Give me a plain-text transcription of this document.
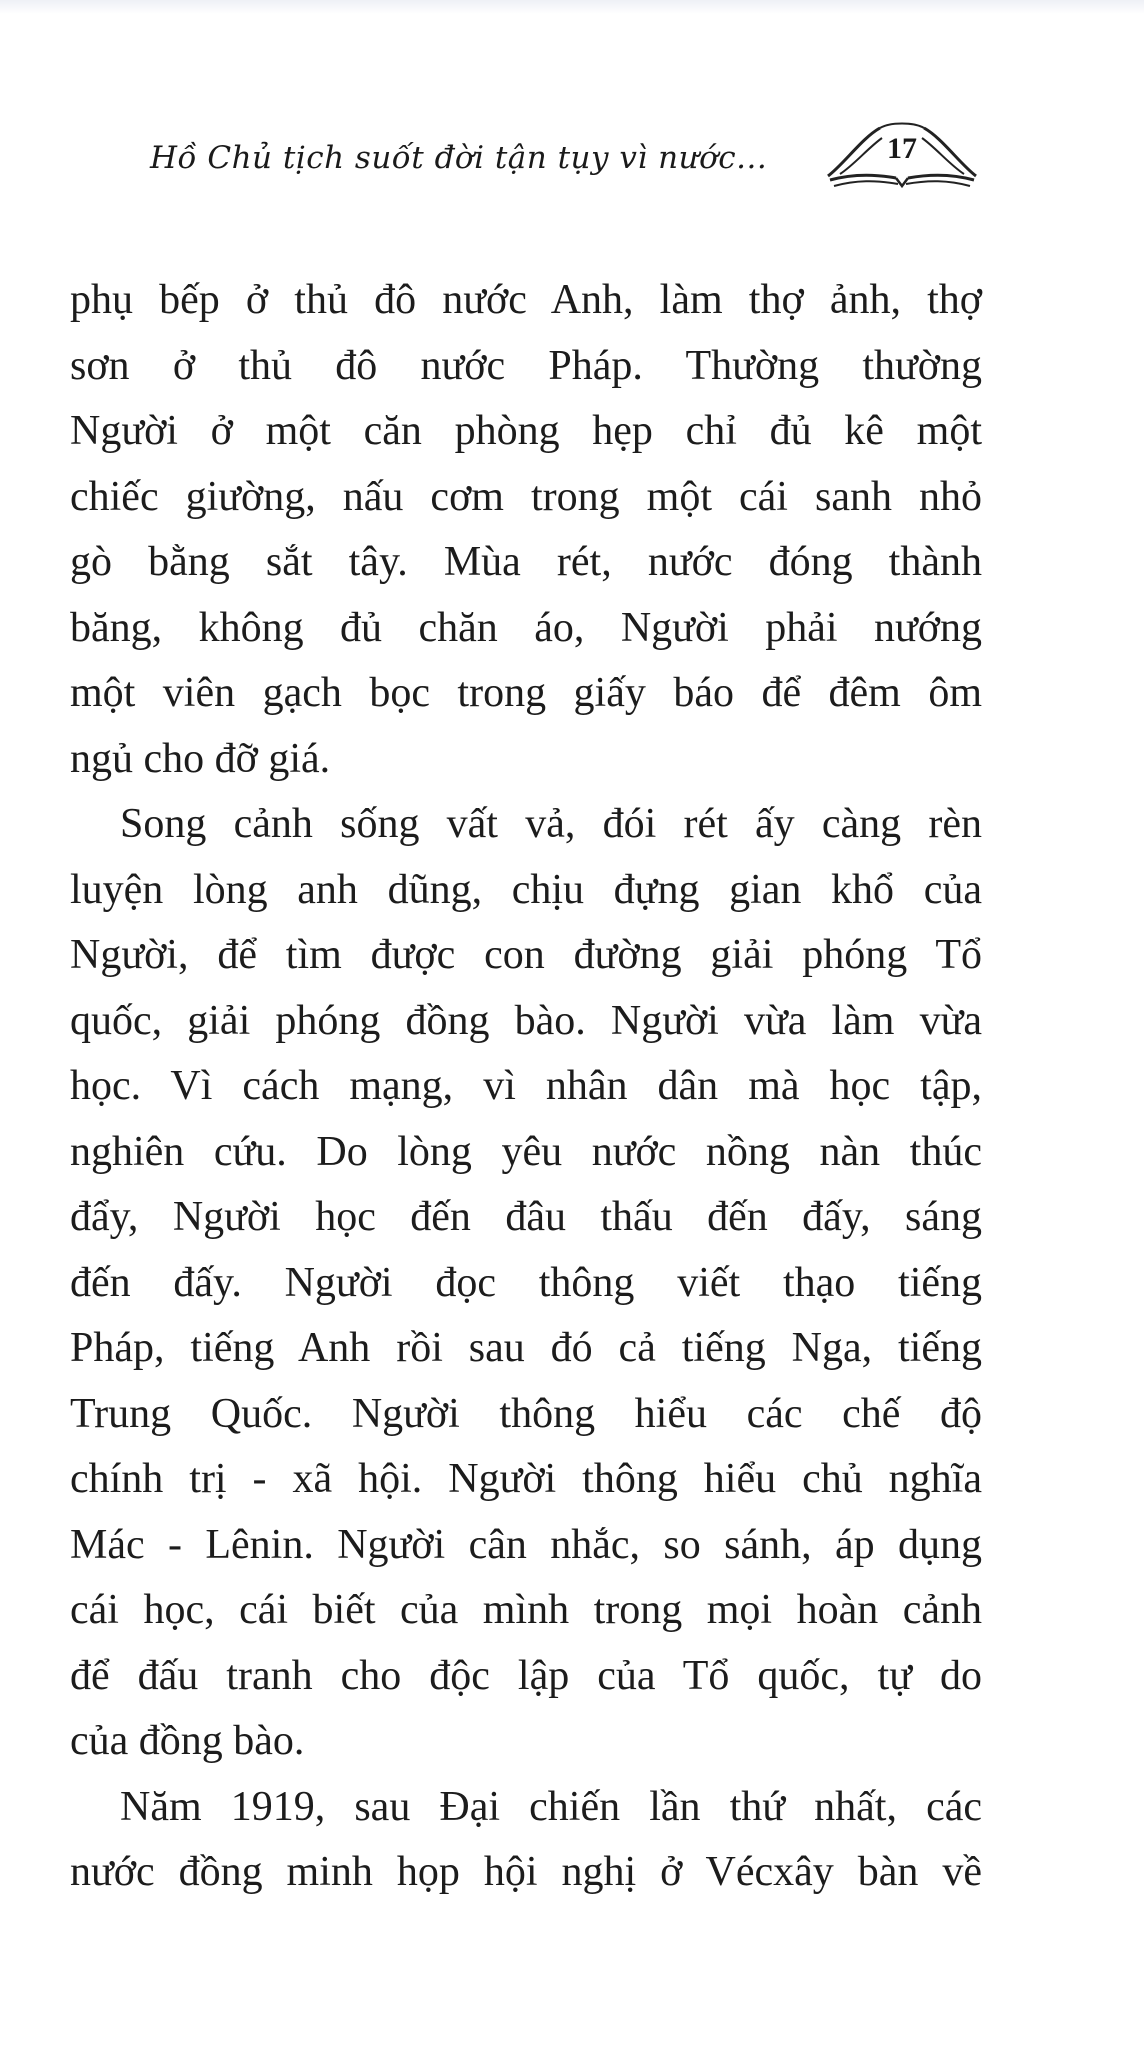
Hồ Chủ tịch suốt đời tận tụy vì nước...	17

phụ bếp ở thủ đô nước Anh, làm thợ ảnh, thợ
sơn ở thủ đô nước Pháp. Thường thường
Người ở một căn phòng hẹp chỉ đủ kê một
chiếc giường, nấu cơm trong một cái sanh nhỏ
gò bằng sắt tây. Mùa rét, nước đóng thành
băng, không đủ chăn áo, Người phải nướng
một viên gạch bọc trong giấy báo để đêm ôm
ngủ cho đỡ giá.

Song cảnh sống vất vả, đói rét ấy càng rèn
luyện lòng anh dũng, chịu đựng gian khổ của
Người, để tìm được con đường giải phóng Tổ
quốc, giải phóng đồng bào. Người vừa làm vừa
học. Vì cách mạng, vì nhân dân mà học tập,
nghiên cứu. Do lòng yêu nước nồng nàn thúc
đẩy, Người học đến đâu thấu đến đấy, sáng
đến đấy. Người đọc thông viết thạo tiếng
Pháp, tiếng Anh rồi sau đó cả tiếng Nga, tiếng
Trung Quốc. Người thông hiểu các chế độ
chính trị - xã hội. Người thông hiểu chủ nghĩa
Mác - Lênin. Người cân nhắc, so sánh, áp dụng
cái học, cái biết của mình trong mọi hoàn cảnh
để đấu tranh cho độc lập của Tổ quốc, tự do
của đồng bào.

Năm 1919, sau Đại chiến lần thứ nhất, các
nước đồng minh họp hội nghị ở Vécxây bàn về
